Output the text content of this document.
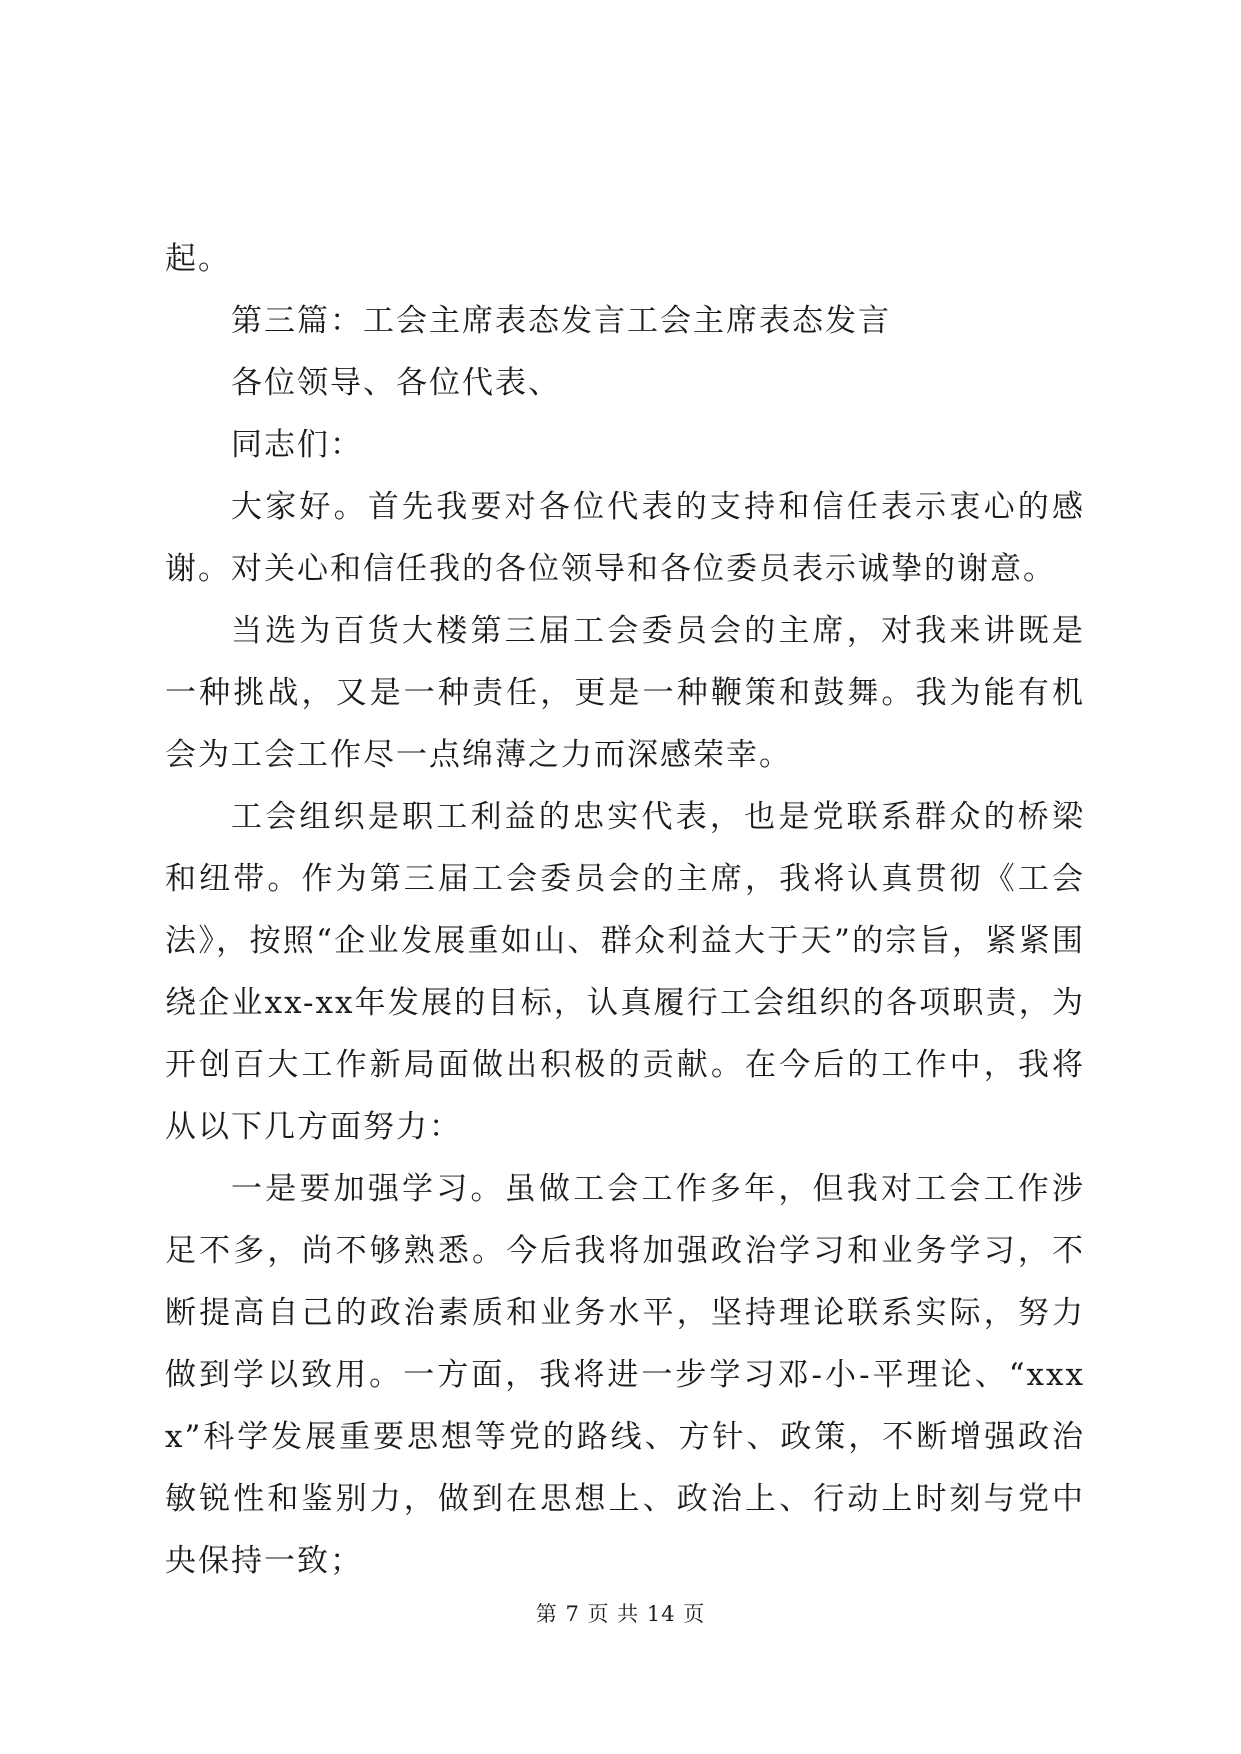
起。

第三篇：工会主席表态发言工会主席表态发言

各位领导、各位代表、

同志们：

大家好。首先我要对各位代表的支持和信任表示衷心的感谢。对关心和信任我的各位领导和各位委员表示诚挚的谢意。

当选为百货大楼第三届工会委员会的主席，对我来讲既是一种挑战，又是一种责任，更是一种鞭策和鼓舞。我为能有机会为工会工作尽一点绵薄之力而深感荣幸。

工会组织是职工利益的忠实代表，也是党联系群众的桥梁和纽带。作为第三届工会委员会的主席，我将认真贯彻《工会法》，按照“企业发展重如山、群众利益大于天”的宗旨，紧紧围绕企业xx-xx年发展的目标，认真履行工会组织的各项职责，为开创百大工作新局面做出积极的贡献。在今后的工作中，我将从以下几方面努力：

一是要加强学习。虽做工会工作多年，但我对工会工作涉足不多，尚不够熟悉。今后我将加强政治学习和业务学习，不断提高自己的政治素质和业务水平，坚持理论联系实际，努力做到学以致用。一方面，我将进一步学习邓-小-平理论、“xxxx”科学发展重要思想等党的路线、方针、政策，不断增强政治敏锐性和鉴别力，做到在思想上、政治上、行动上时刻与党中央保持一致；

第 7 页 共 14 页
